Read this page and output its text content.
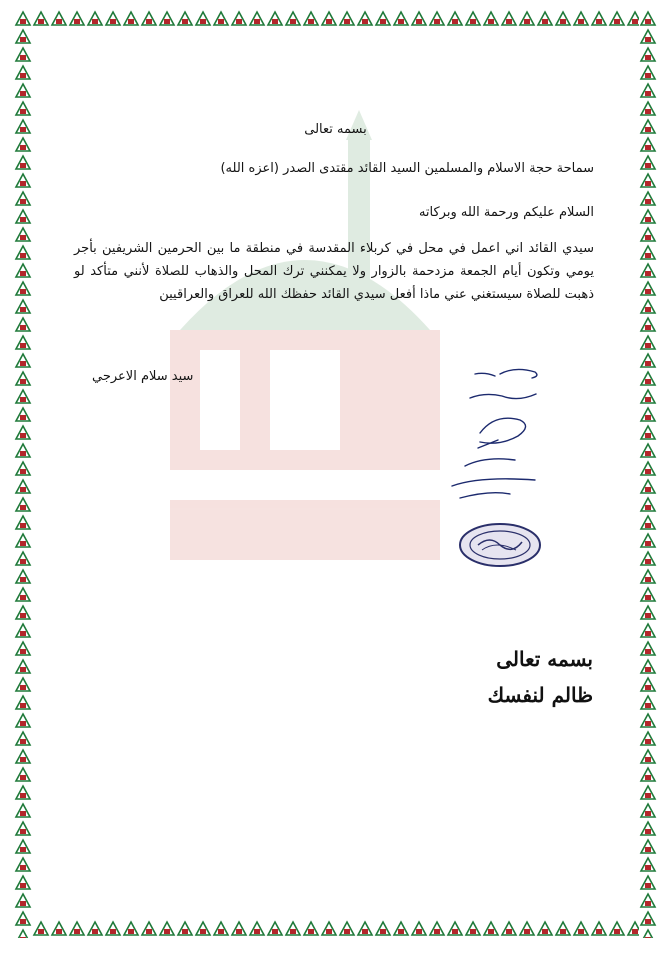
بسمه تعالى
سماحة حجة الاسلام والمسلمين السيد القائد مقتدى الصدر (اعزه الله)
السلام عليكم ورحمة الله وبركاته
سيدي القائد اني اعمل في محل في كربلاء المقدسة في منطقة ما بين الحرمين الشريفين بأجر يومي وتكون أيام الجمعة مزدحمة بالزوار ولا يمكنني ترك المحل والذهاب للصلاة لأنني متأكد لو ذهبت للصلاة سيستغني عني ماذا أفعل سيدي القائد حفظك الله للعراق والعراقيين
سيد سلام الاعرجي
بسمه تعالى
ظالم لنفسك
